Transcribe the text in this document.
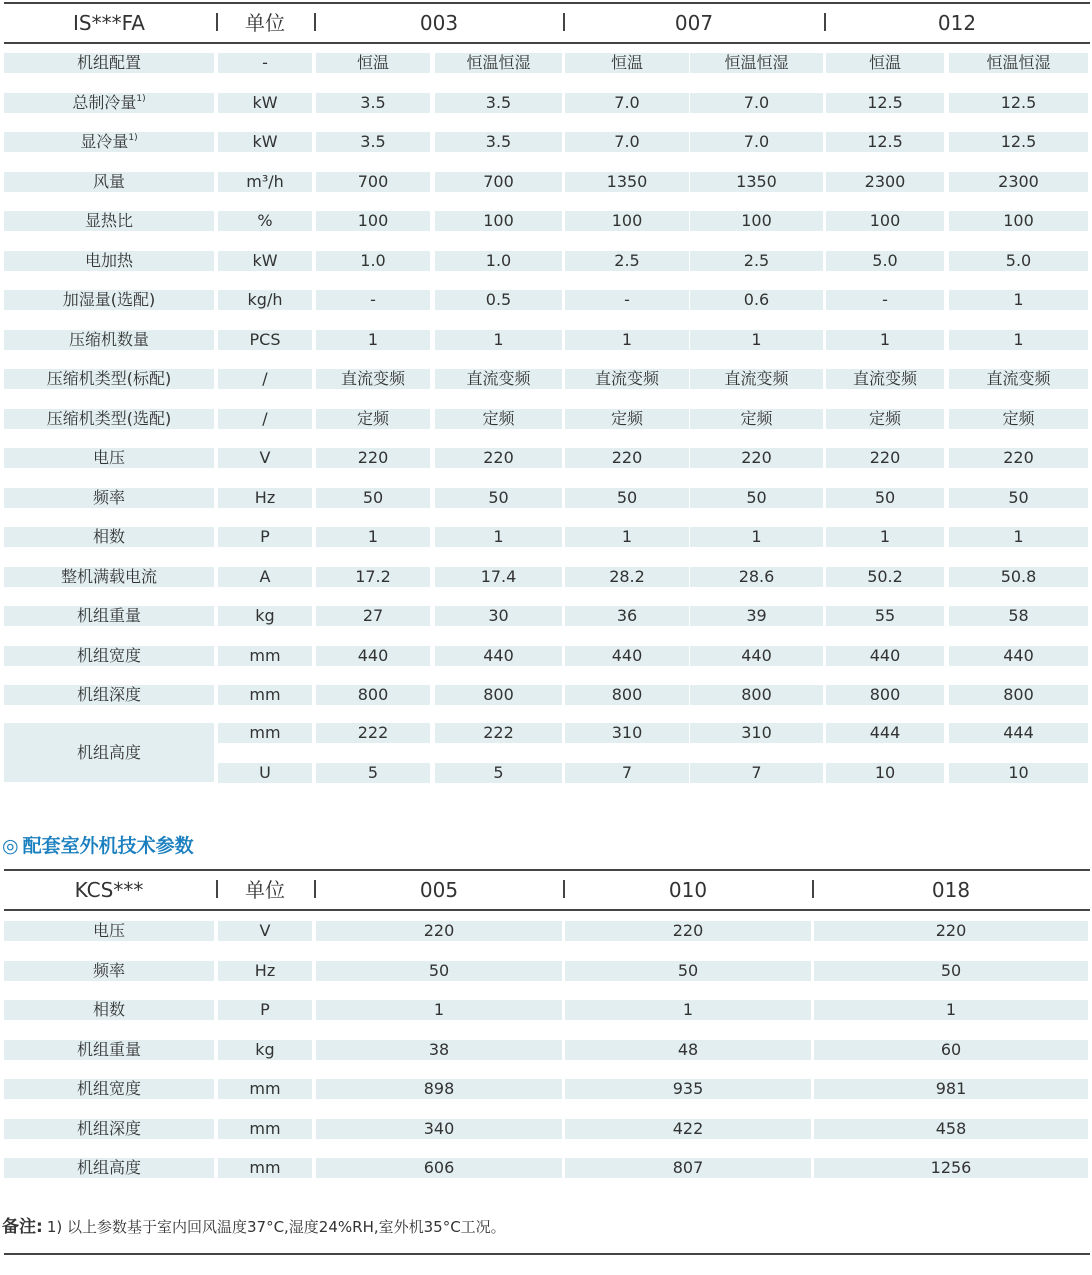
IS***FA	单位	003	007	012
机组配置	-	恒温	恒温恒湿	恒温	恒温恒湿	恒温	恒温恒湿
总制冷量$^{1)}$	kW	3.5	3.5	7.0	7.0	12.5	12.5
显冷量$^{1)}$	kW	3.5	3.5	7.0	7.0	12.5	12.5
风量	m³/h	700	700	1350	1350	2300	2300
显热比	%	100	100	100	100	100	100
电加热	kW	1.0	1.0	2.5	2.5	5.0	5.0
加湿量(选配)	kg/h	-	0.5	-	0.6	-	1
压缩机数量	PCS	1	1	1	1	1	1
压缩机类型(标配)	/	直流变频	直流变频	直流变频	直流变频	直流变频	直流变频
压缩机类型(选配)	/	定频	定频	定频	定频	定频	定频
电压	V	220	220	220	220	220	220
频率	Hz	50	50	50	50	50	50
相数	P	1	1	1	1	1	1
整机满载电流	A	17.2	17.4	28.2	28.6	50.2	50.8
机组重量	kg	27	30	36	39	55	58
机组宽度	mm	440	440	440	440	440	440
机组深度	mm	800	800	800	800	800	800
机组高度
mm	222	222	310	310	444	444
U	5	5	7	7	10	10
◎ 配套室外机技术参数
KCS***	单位	005	010	018
电压	V	220	220	220
频率	Hz	50	50	50
相数	P	1	1	1
机组重量	kg	38	48	60
机组宽度	mm	898	935	981
机组深度	mm	340	422	458
机组高度	mm	606	807	1256
备注: 1) 以上参数基于室内回风温度37°C,湿度24%RH,室外机35°C工况。
